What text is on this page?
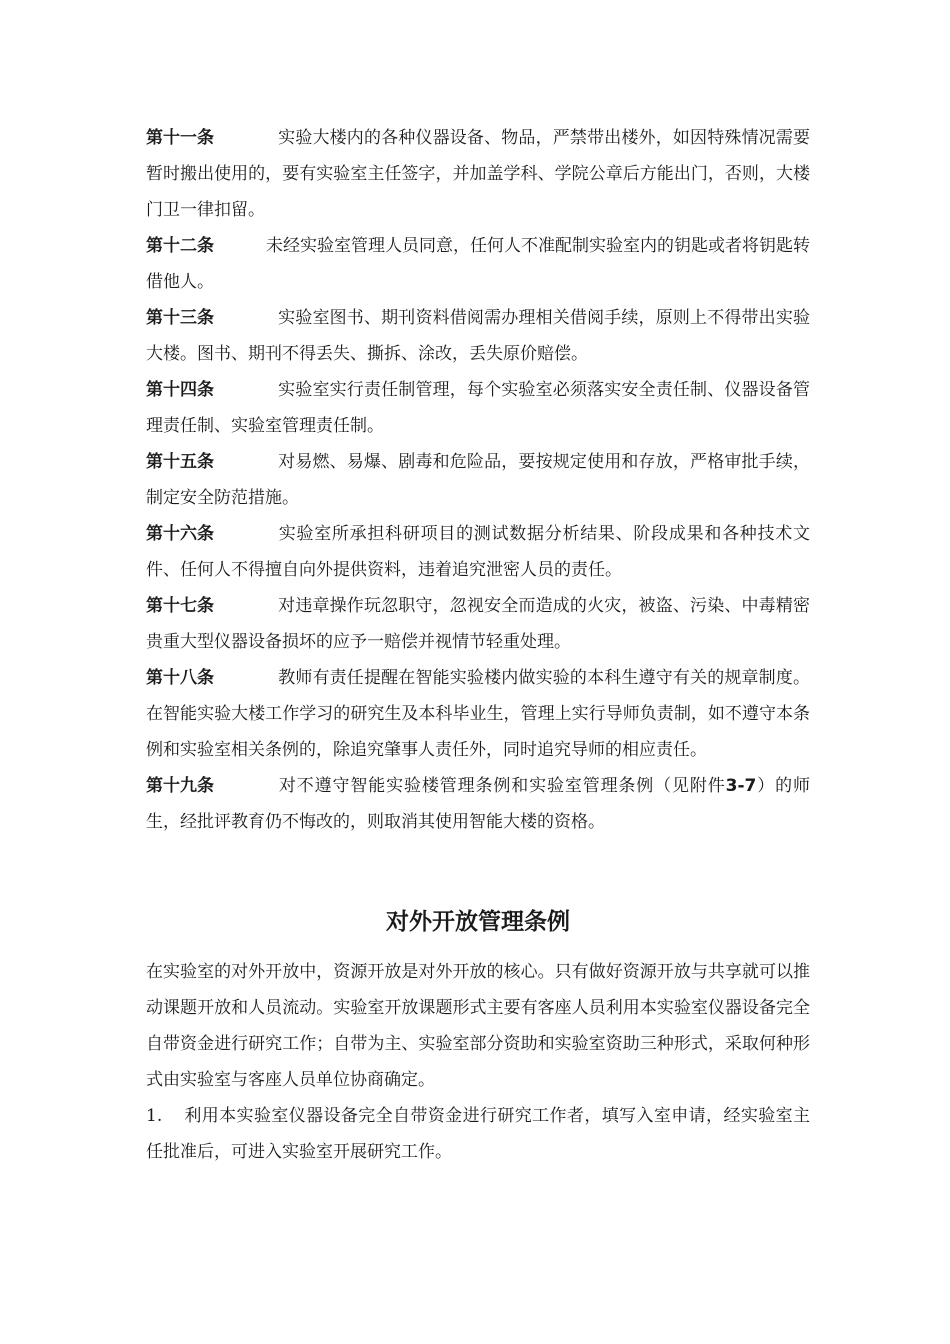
第十一条	实验大楼内的各种仪器设备、物品，严禁带出楼外，如因特殊情况需要暂时搬出使用的，要有实验室主任签字，并加盖学科、学院公章后方能出门，否则，大楼门卫一律扣留。

第十二条	未经实验室管理人员同意，任何人不准配制实验室内的钥匙或者将钥匙转借他人。

第十三条	实验室图书、期刊资料借阅需办理相关借阅手续，原则上不得带出实验大楼。图书、期刊不得丢失、撕拆、涂改，丢失原价赔偿。

第十四条	实验室实行责任制管理，每个实验室必须落实安全责任制、仪器设备管理责任制、实验室管理责任制。

第十五条	对易燃、易爆、剧毒和危险品，要按规定使用和存放，严格审批手续，制定安全防范措施。

第十六条	实验室所承担科研项目的测试数据分析结果、阶段成果和各种技术文件、任何人不得擅自向外提供资料，违着追究泄密人员的责任。

第十七条	对违章操作玩忽职守，忽视安全而造成的火灾，被盗、污染、中毒精密贵重大型仪器设备损坏的应予一赔偿并视情节轻重处理。

第十八条	教师有责任提醒在智能实验楼内做实验的本科生遵守有关的规章制度。在智能实验大楼工作学习的研究生及本科毕业生，管理上实行导师负责制，如不遵守本条例和实验室相关条例的，除追究肇事人责任外，同时追究导师的相应责任。

第十九条	对不遵守智能实验楼管理条例和实验室管理条例（见附件3-7）的师生，经批评教育仍不悔改的，则取消其使用智能大楼的资格。

对外开放管理条例

在实验室的对外开放中，资源开放是对外开放的核心。只有做好资源开放与共享就可以推动课题开放和人员流动。实验室开放课题形式主要有客座人员利用本实验室仪器设备完全自带资金进行研究工作；自带为主、实验室部分资助和实验室资助三种形式，采取何种形式由实验室与客座人员单位协商确定。

1. 利用本实验室仪器设备完全自带资金进行研究工作者，填写入室申请，经实验室主任批准后，可进入实验室开展研究工作。
